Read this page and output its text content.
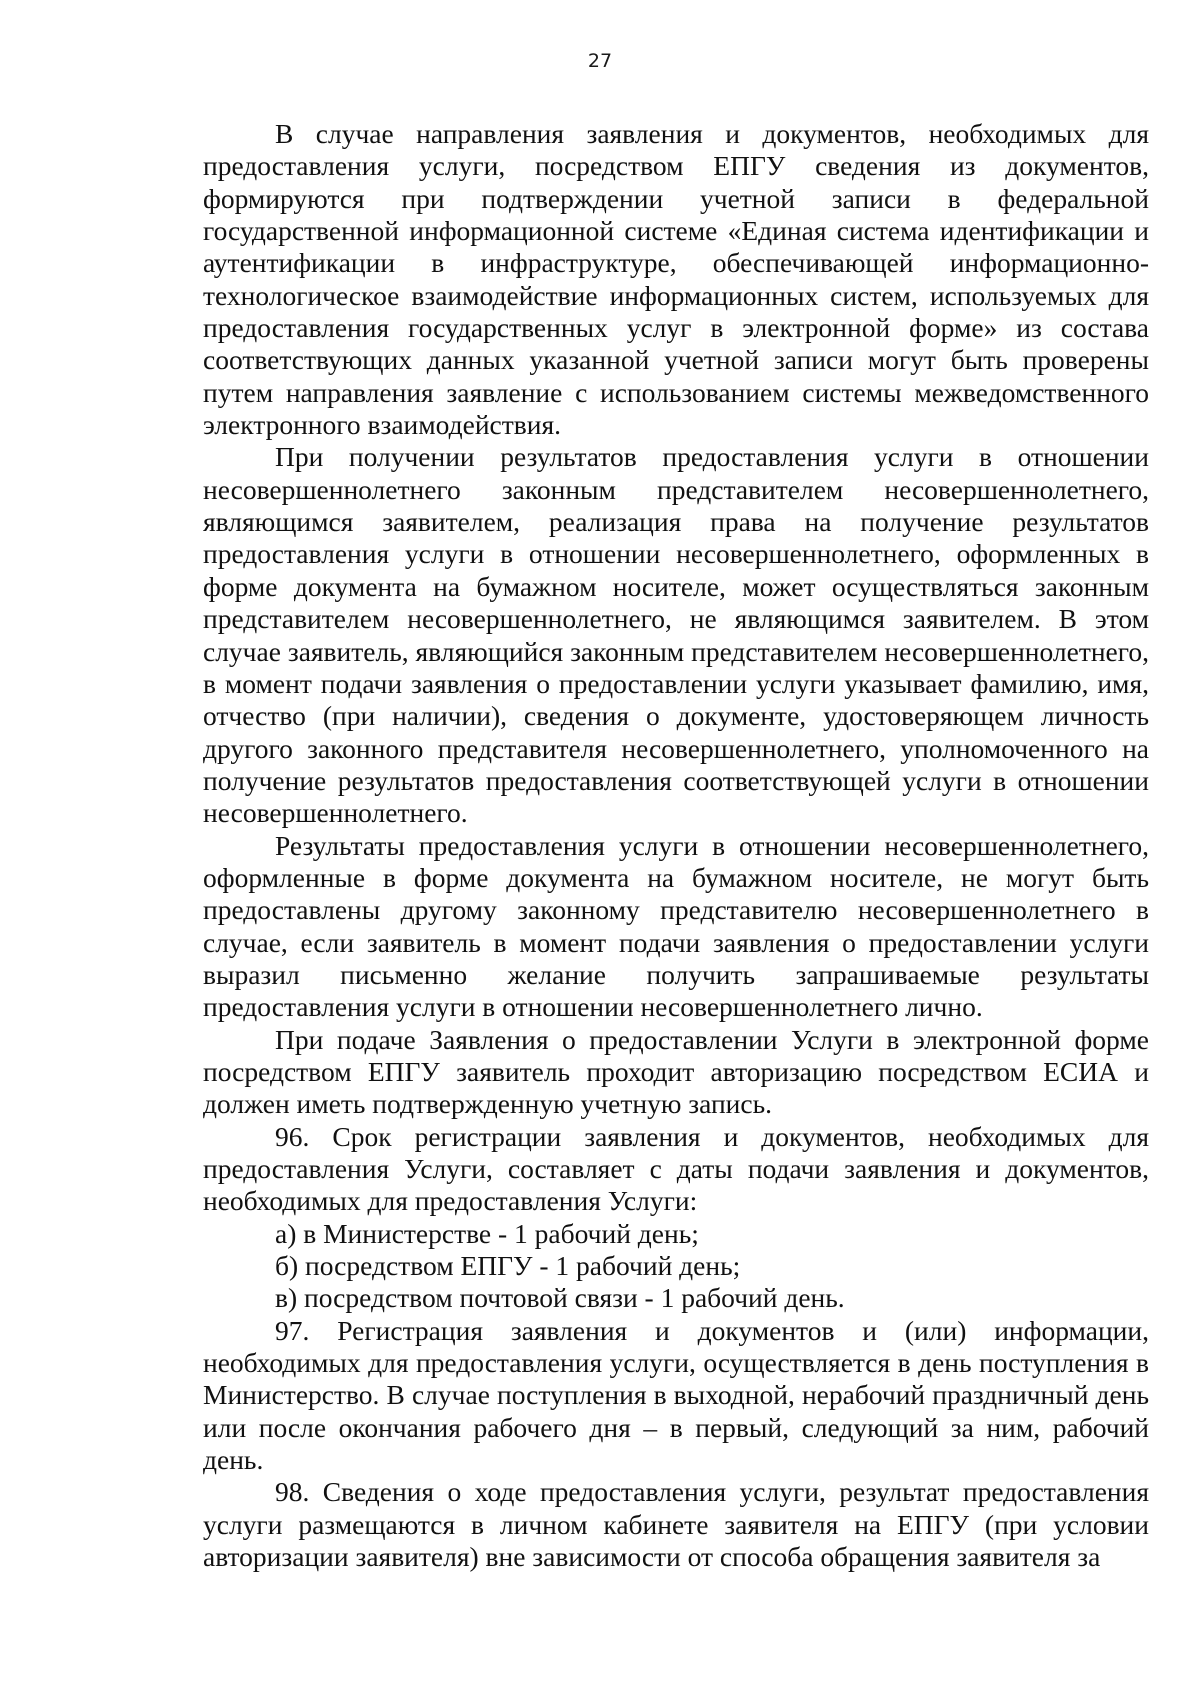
27

В случае направления заявления и документов, необходимых для предоставления услуги, посредством ЕПГУ сведения из документов, формируются при подтверждении учетной записи в федеральной государственной информационной системе «Единая система идентификации и аутентификации в инфраструктуре, обеспечивающей информационно-технологическое взаимодействие информационных систем, используемых для предоставления государственных услуг в электронной форме» из состава соответствующих данных указанной учетной записи могут быть проверены путем направления заявление с использованием системы межведомственного электронного взаимодействия.

При получении результатов предоставления услуги в отношении несовершеннолетнего законным представителем несовершеннолетнего, являющимся заявителем, реализация права на получение результатов предоставления услуги в отношении несовершеннолетнего, оформленных в форме документа на бумажном носителе, может осуществляться законным представителем несовершеннолетнего, не являющимся заявителем. В этом случае заявитель, являющийся законным представителем несовершеннолетнего, в момент подачи заявления о предоставлении услуги указывает фамилию, имя, отчество (при наличии), сведения о документе, удостоверяющем личность другого законного представителя несовершеннолетнего, уполномоченного на получение результатов предоставления соответствующей услуги в отношении несовершеннолетнего.

Результаты предоставления услуги в отношении несовершеннолетнего, оформленные в форме документа на бумажном носителе, не могут быть предоставлены другому законному представителю несовершеннолетнего в случае, если заявитель в момент подачи заявления о предоставлении услуги выразил письменно желание получить запрашиваемые результаты предоставления услуги в отношении несовершеннолетнего лично.

При подаче Заявления о предоставлении Услуги в электронной форме посредством ЕПГУ заявитель проходит авторизацию посредством ЕСИА и должен иметь подтвержденную учетную запись.

96. Срок регистрации заявления и документов, необходимых для предоставления Услуги, составляет с даты подачи заявления и документов, необходимых для предоставления Услуги:

а) в Министерстве - 1 рабочий день;

б) посредством ЕПГУ - 1 рабочий день;

в) посредством почтовой связи - 1 рабочий день.

97. Регистрация заявления и документов и (или) информации, необходимых для предоставления услуги, осуществляется в день поступления в Министерство. В случае поступления в выходной, нерабочий праздничный день или после окончания рабочего дня – в первый, следующий за ним, рабочий день.

98. Сведения о ходе предоставления услуги, результат предоставления услуги размещаются в личном кабинете заявителя на ЕПГУ (при условии авторизации заявителя) вне зависимости от способа обращения заявителя за
